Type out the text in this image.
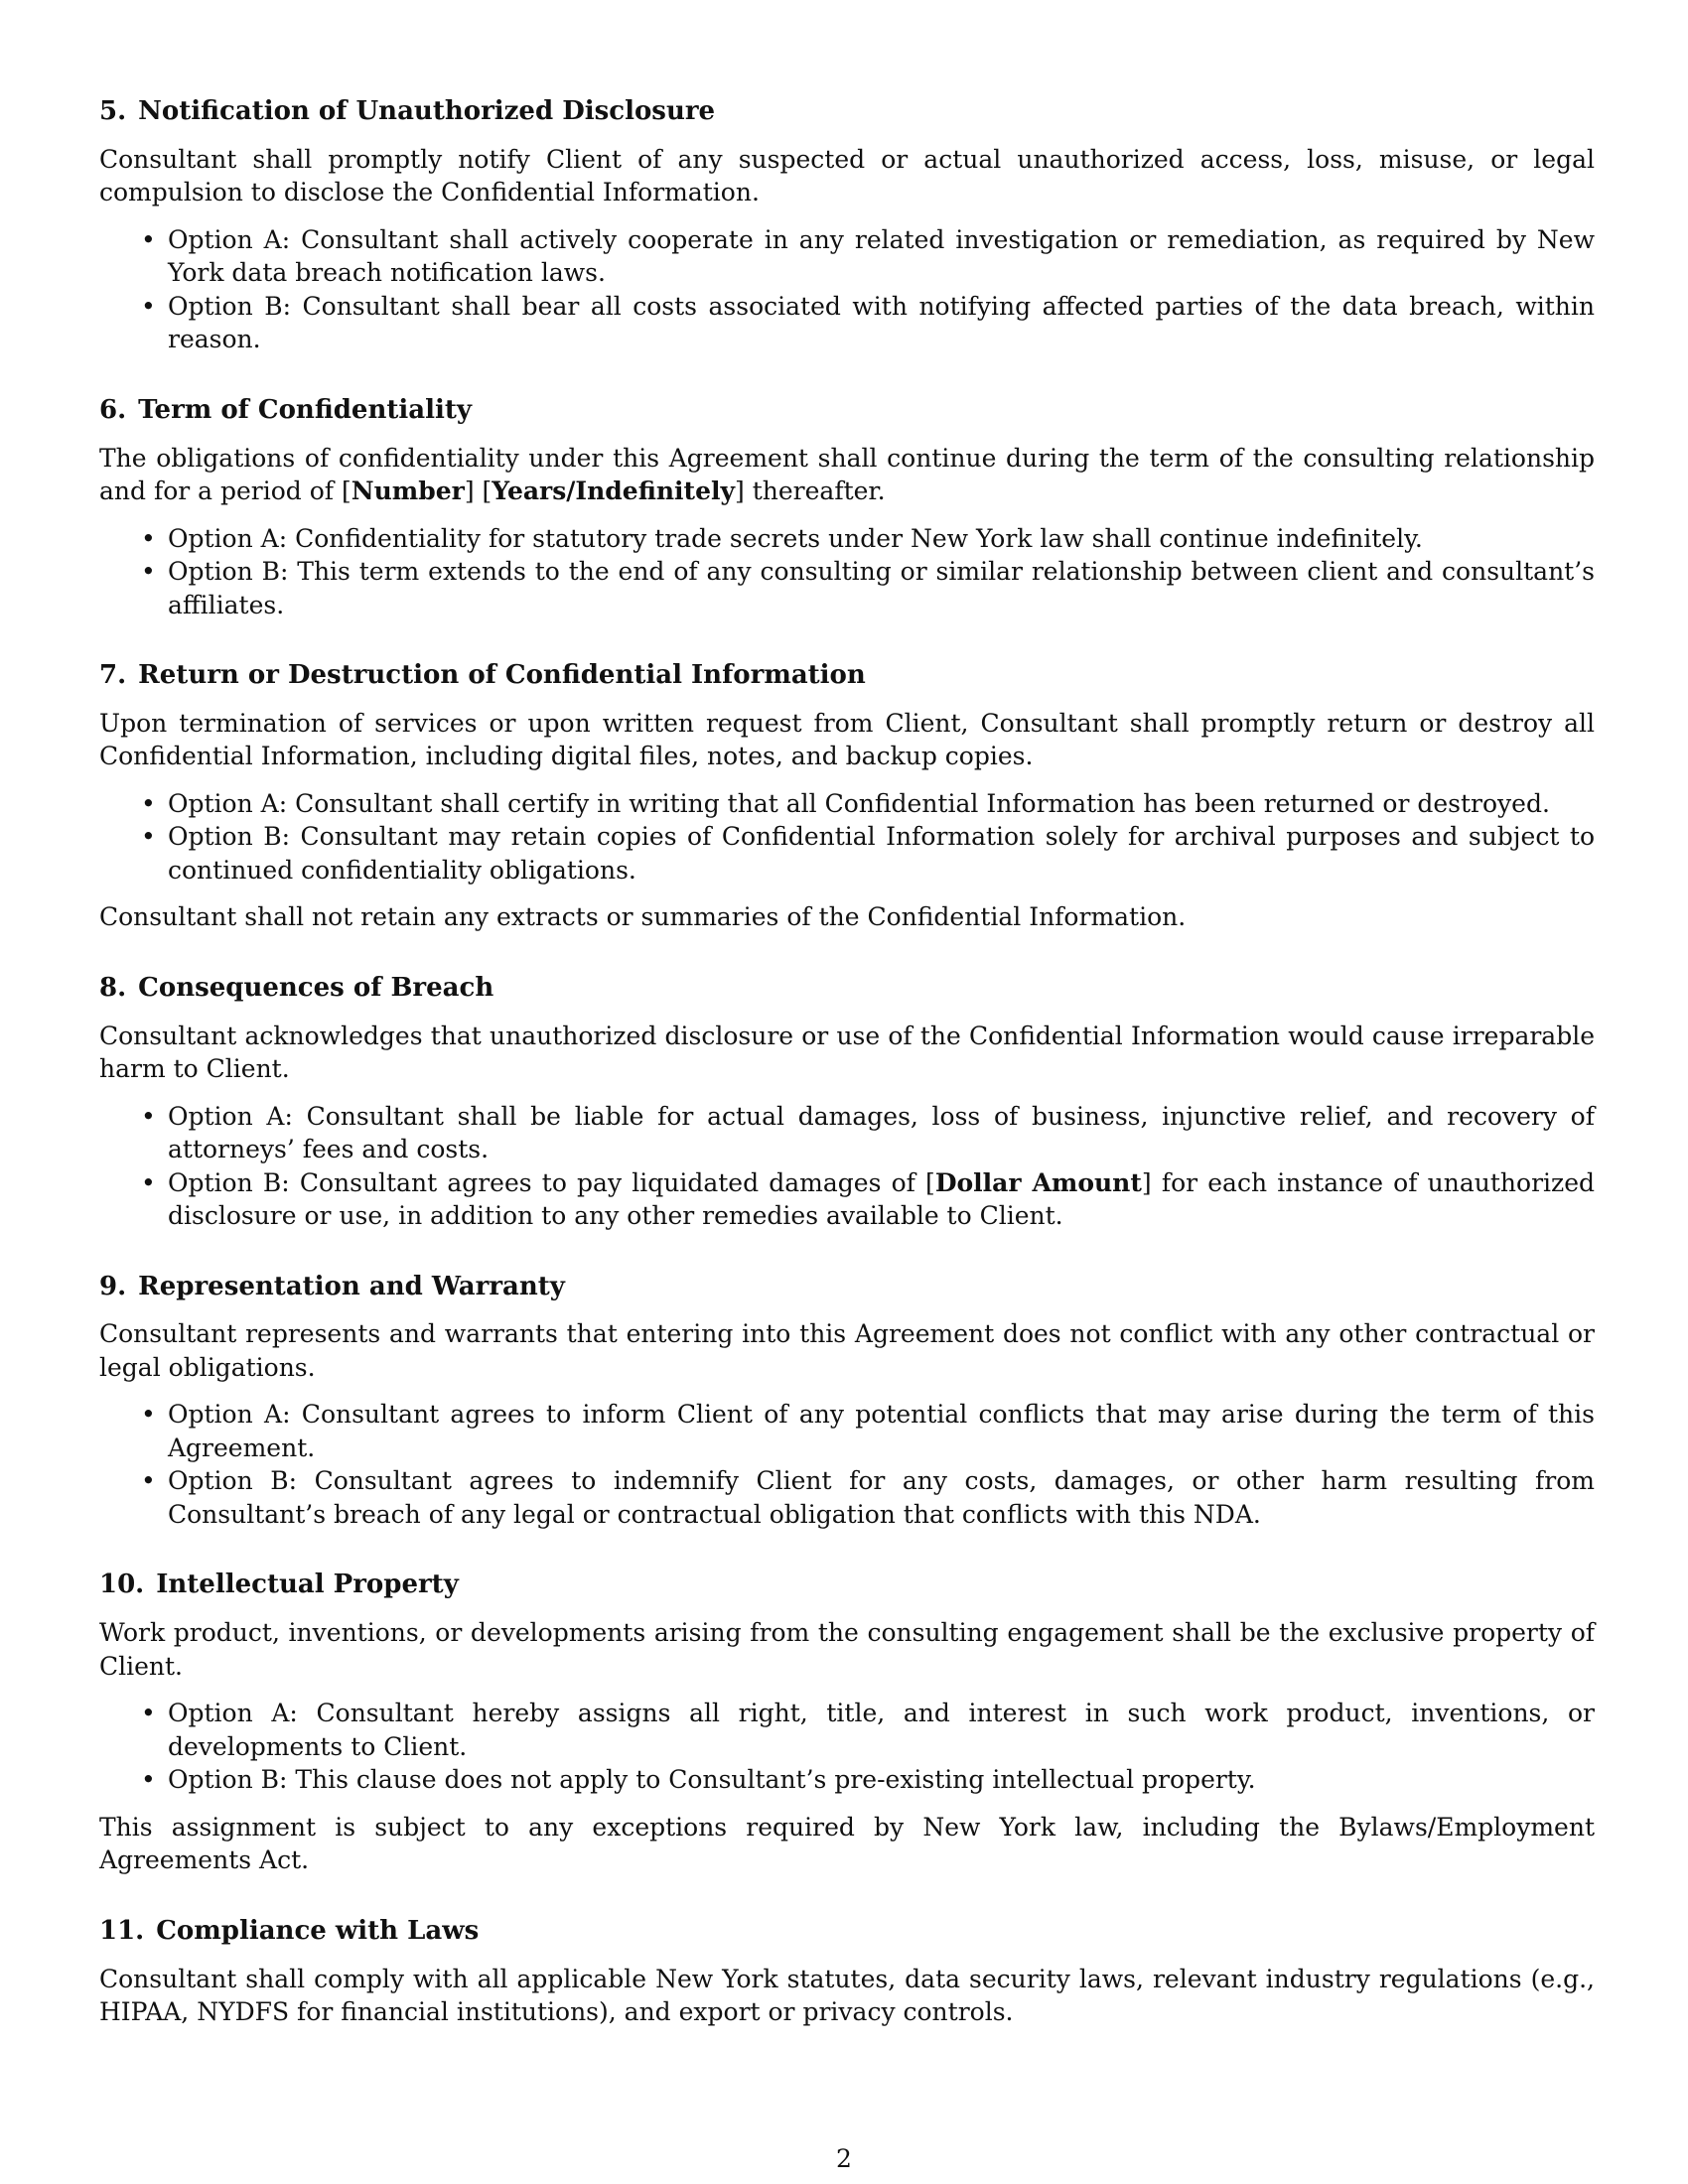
5. Notification of Unauthorized Disclosure

Consultant shall promptly notify Client of any suspected or actual unauthorized access, loss, misuse, or legal compulsion to disclose the Confidential Information.

• Option A: Consultant shall actively cooperate in any related investigation or remediation, as required by New York data breach notification laws.
• Option B: Consultant shall bear all costs associated with notifying affected parties of the data breach, within reason.
6. Term of Confidentiality

The obligations of confidentiality under this Agreement shall continue during the term of the consulting relationship and for a period of [Number] [Years/Indefinitely] thereafter.

• Option A: Confidentiality for statutory trade secrets under New York law shall continue indefinitely.
• Option B: This term extends to the end of any consulting or similar relationship between client and consultant’s affiliates.
7. Return or Destruction of Confidential Information

Upon termination of services or upon written request from Client, Consultant shall promptly return or destroy all Confidential Information, including digital files, notes, and backup copies.

• Option A: Consultant shall certify in writing that all Confidential Information has been returned or destroyed.
• Option B: Consultant may retain copies of Confidential Information solely for archival purposes and subject to continued confidentiality obligations.

Consultant shall not retain any extracts or summaries of the Confidential Information.

8. Consequences of Breach

Consultant acknowledges that unauthorized disclosure or use of the Confidential Information would cause irreparable harm to Client.

• Option A: Consultant shall be liable for actual damages, loss of business, injunctive relief, and recovery of attorneys’ fees and costs.
• Option B: Consultant agrees to pay liquidated damages of [Dollar Amount] for each instance of unauthorized disclosure or use, in addition to any other remedies available to Client.
9. Representation and Warranty

Consultant represents and warrants that entering into this Agreement does not conflict with any other contractual or legal obligations.

• Option A: Consultant agrees to inform Client of any potential conflicts that may arise during the term of this Agreement.
• Option B: Consultant agrees to indemnify Client for any costs, damages, or other harm resulting from Consultant’s breach of any legal or contractual obligation that conflicts with this NDA.
10. Intellectual Property

Work product, inventions, or developments arising from the consulting engagement shall be the exclusive property of Client.

• Option A: Consultant hereby assigns all right, title, and interest in such work product, inventions, or developments to Client.
• Option B: This clause does not apply to Consultant’s pre-existing intellectual property.

This assignment is subject to any exceptions required by New York law, including the Bylaws/Employment Agreements Act.

11. Compliance with Laws

Consultant shall comply with all applicable New York statutes, data security laws, relevant industry regulations (e.g., HIPAA, NYDFS for financial institutions), and export or privacy controls.

2
